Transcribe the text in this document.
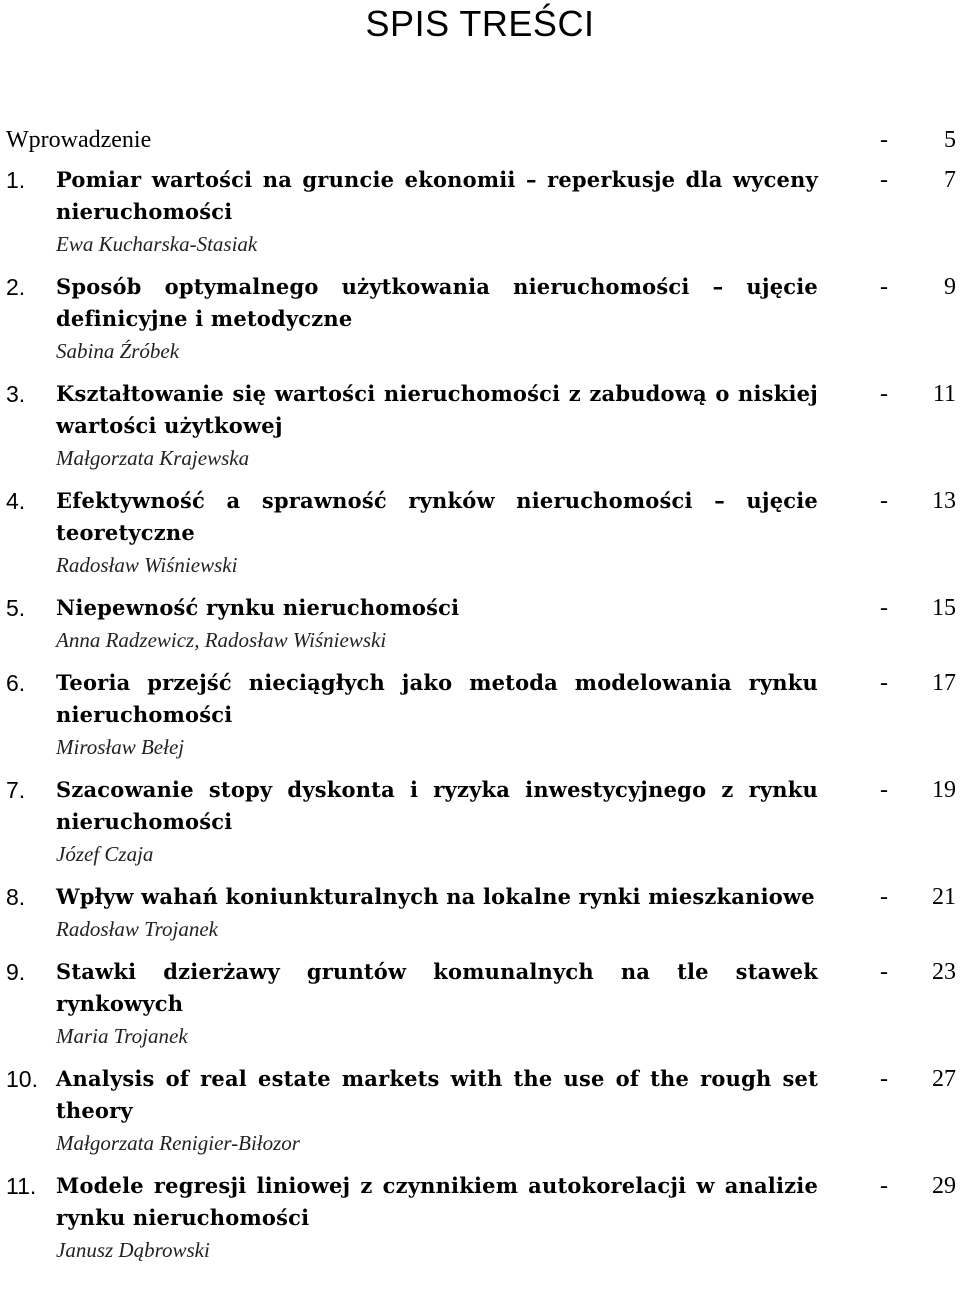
SPIS TREŚCI
Wprowadzenie	- 5
1. Pomiar wartości na gruncie ekonomii – reperkusje dla wyceny nieruchomości
Ewa Kucharska-Stasiak
- 7
2. Sposób optymalnego użytkowania nieruchomości – ujęcie definicyjne i metodyczne
Sabina Źróbek
- 9
3. Kształtowanie się wartości nieruchomości z zabudową o niskiej wartości użytkowej
Małgorzata Krajewska
- 11
4. Efektywność a sprawność rynków nieruchomości – ujęcie teoretyczne
Radosław Wiśniewski
- 13
5. Niepewność rynku nieruchomości
Anna Radzewicz, Radosław Wiśniewski
- 15
6. Teoria przejść nieciągłych jako metoda modelowania rynku nieruchomości
Mirosław Bełej
- 17
7. Szacowanie stopy dyskonta i ryzyka inwestycyjnego z rynku nieruchomości
Józef Czaja
- 19
8. Wpływ wahań koniunkturalnych na lokalne rynki mieszkaniowe
Radosław Trojanek
- 21
9. Stawki dzierżawy gruntów komunalnych na tle stawek rynkowych
Maria Trojanek
- 23
10. Analysis of real estate markets with the use of the rough set theory
Małgorzata Renigier-Biłozor
- 27
11. Modele regresji liniowej z czynnikiem autokorelacji w analizie rynku nieruchomości
Janusz Dąbrowski
- 29
